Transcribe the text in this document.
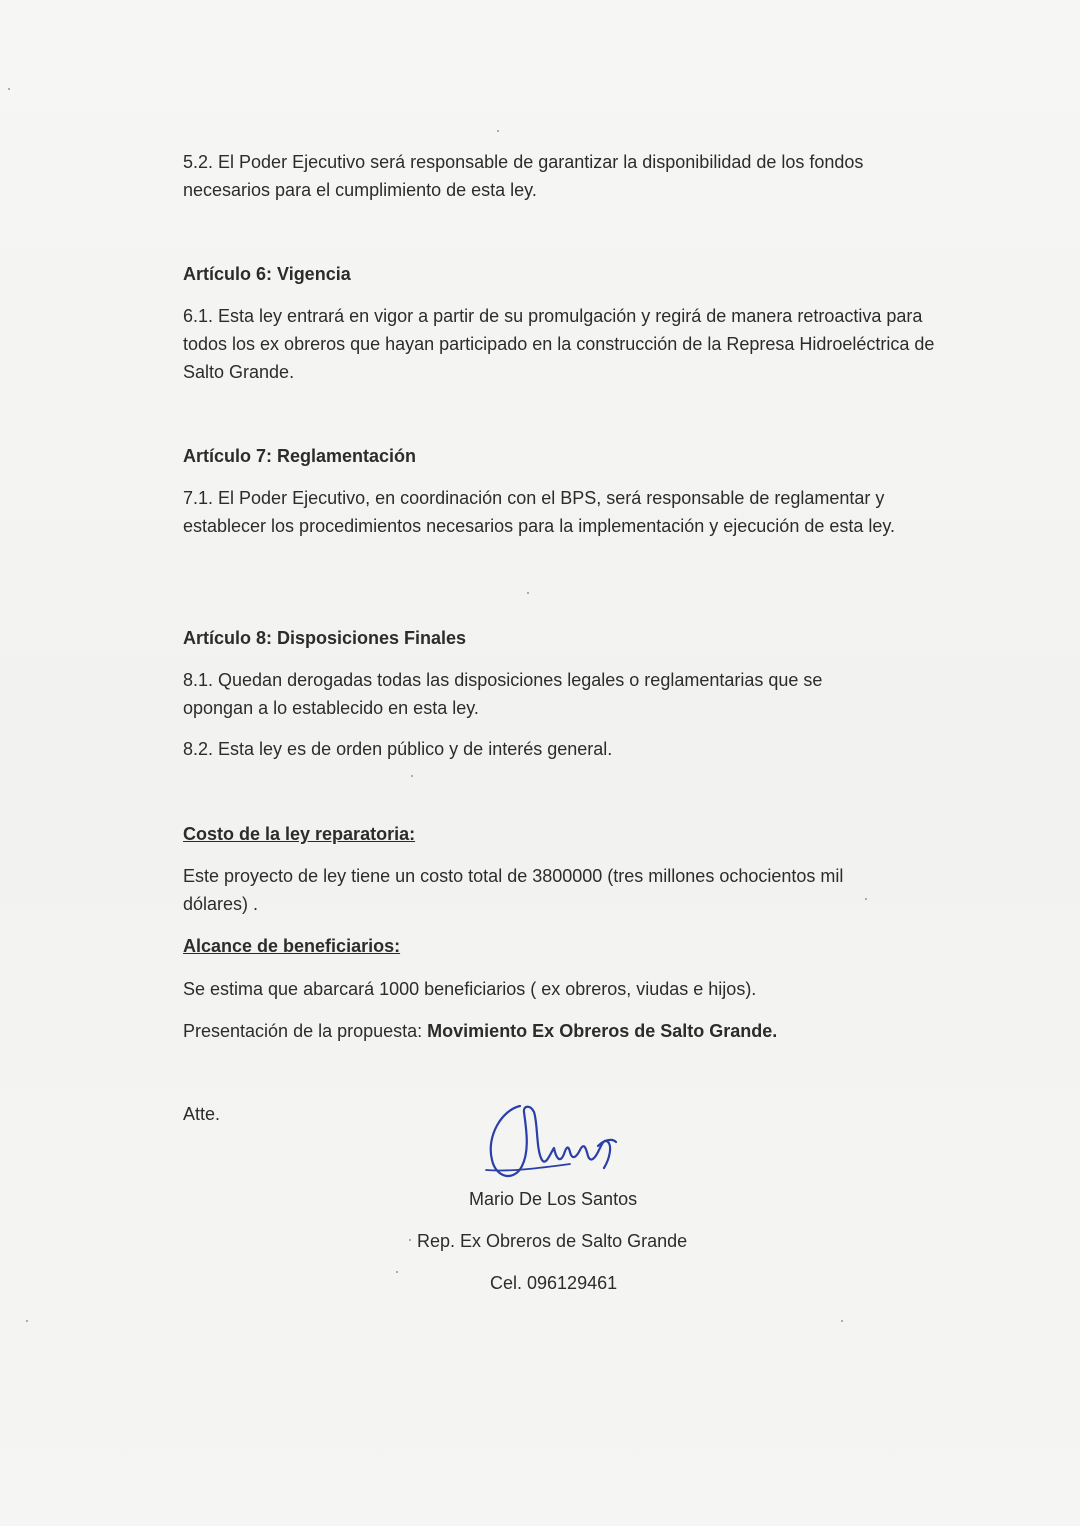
5.2. El Poder Ejecutivo será responsable de garantizar la disponibilidad de los fondos necesarios para el cumplimiento de esta ley.

Artículo 6: Vigencia

6.1. Esta ley entrará en vigor a partir de su promulgación y regirá de manera retroactiva para todos los ex obreros que hayan participado en la construcción de la Represa Hidroeléctrica de Salto Grande.

Artículo 7: Reglamentación

7.1. El Poder Ejecutivo, en coordinación con el BPS, será responsable de reglamentar y establecer los procedimientos necesarios para la implementación y ejecución de esta ley.

Artículo 8: Disposiciones Finales

8.1. Quedan derogadas todas las disposiciones legales o reglamentarias que se opongan a lo establecido en esta ley.

8.2. Esta ley es de orden público y de interés general.

Costo de la ley reparatoria:

Este proyecto de ley tiene un costo total de 3800000 (tres millones ochocientos mil dólares) .

Alcance de beneficiarios:

Se estima que abarcará 1000 beneficiarios ( ex obreros, viudas e hijos).

Presentación de la propuesta: Movimiento Ex Obreros de Salto Grande.

Atte.

Mario De Los Santos

Rep. Ex Obreros de Salto Grande

Cel. 096129461
